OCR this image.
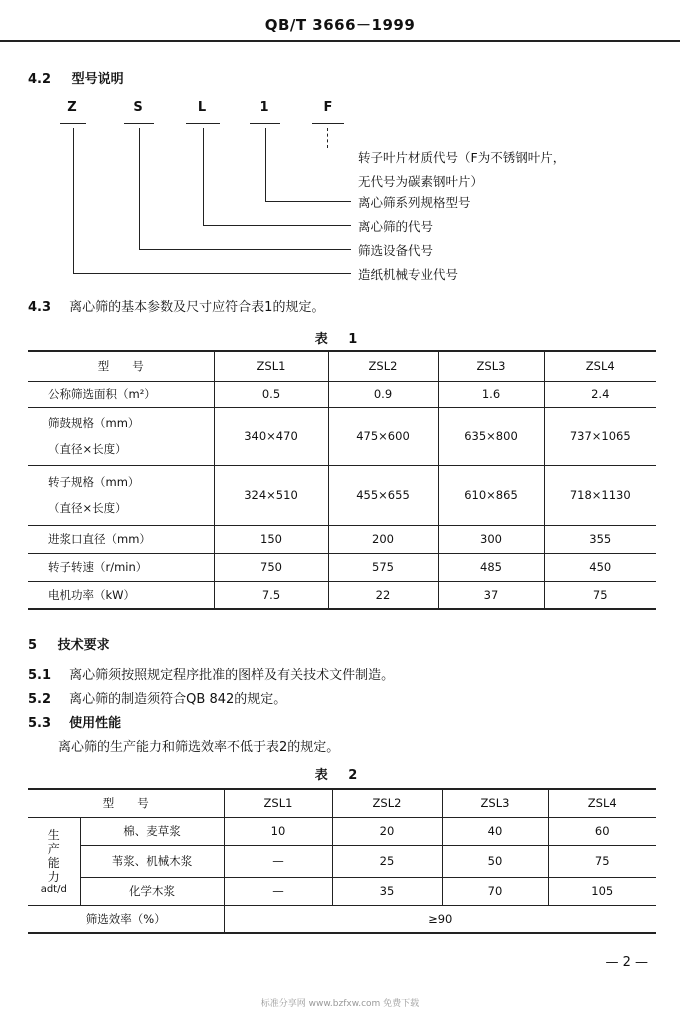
QB/T 3666－1999
4.2 型号说明
Z	S	L	1	F
转子叶片材质代号（F为不锈钢叶片，
无代号为碳素钢叶片）
离心筛系列规格型号
离心筛的代号
筛选设备代号
造纸机械专业代号
4.3 离心筛的基本参数及尺寸应符合表1的规定。
表 1
型　　号	ZSL1	ZSL2	ZSL3	ZSL4
公称筛选面积（m²）	0.5	0.9	1.6	2.4

筛鼓规格（mm）
（直径×长度）	340×470	475×600	635×800	737×1065

转子规格（mm）
（直径×长度）	324×510	455×655	610×865	718×1130
进浆口直径（mm）	150	200	300	355
转子转速（r/min）	750	575	485	450
电机功率（kW）	7.5	22	37	75
5 技术要求
5.1 离心筛须按照规定程序批准的图样及有关技术文件制造。
5.2 离心筛的制造须符合QB 842的规定。
5.3 使用性能
离心筛的生产能力和筛选效率不低于表2的规定。
表 2
型　　号		ZSL1	ZSL2	ZSL3	ZSL4

生
产
能
力
adt/d	棉、麦草浆	10	20	40	60
	苇浆、机械木浆	—	25	50	75
	化学木浆	—	35	70	105
筛选效率（%）		≥90			
— 2 —
标准分享网 www.bzfxw.com 免费下载
